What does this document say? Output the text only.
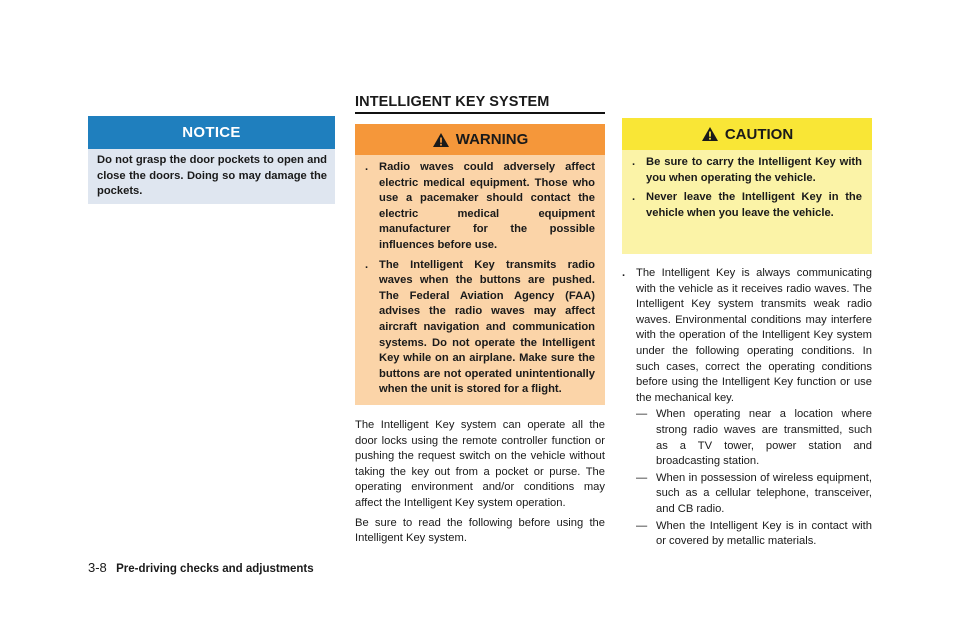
NOTICE
Do not grasp the door pockets to open and close the doors. Doing so may damage the pockets.
INTELLIGENT KEY SYSTEM
WARNING
. Radio waves could adversely affect electric medical equipment. Those who use a pacemaker should contact the electric medical equipment manufacturer for the possible influences before use.
. The Intelligent Key transmits radio waves when the buttons are pushed. The Federal Aviation Agency (FAA) advises the radio waves may affect aircraft navigation and communication systems. Do not operate the Intelligent Key while on an airplane. Make sure the buttons are not operated unintentionally when the unit is stored for a flight.

The Intelligent Key system can operate all the door locks using the remote controller function or pushing the request switch on the vehicle without taking the key out from a pocket or purse. The operating environment and/or conditions may affect the Intelligent Key system operation.

Be sure to read the following before using the Intelligent Key system.

CAUTION
. Be sure to carry the Intelligent Key with you when operating the vehicle.
. Never leave the Intelligent Key in the vehicle when you leave the vehicle.
. The Intelligent Key is always communicating with the vehicle as it receives radio waves. The Intelligent Key system transmits weak radio waves. Environmental conditions may interfere with the operation of the Intelligent Key system under the following operating conditions. In such cases, correct the operating conditions before using the Intelligent Key function or use the mechanical key.
— When operating near a location where strong radio waves are transmitted, such as a TV tower, power station and broadcasting station.
— When in possession of wireless equipment, such as a cellular telephone, transceiver, and CB radio.
— When the Intelligent Key is in contact with or covered by metallic materials.
3-8 Pre-driving checks and adjustments
